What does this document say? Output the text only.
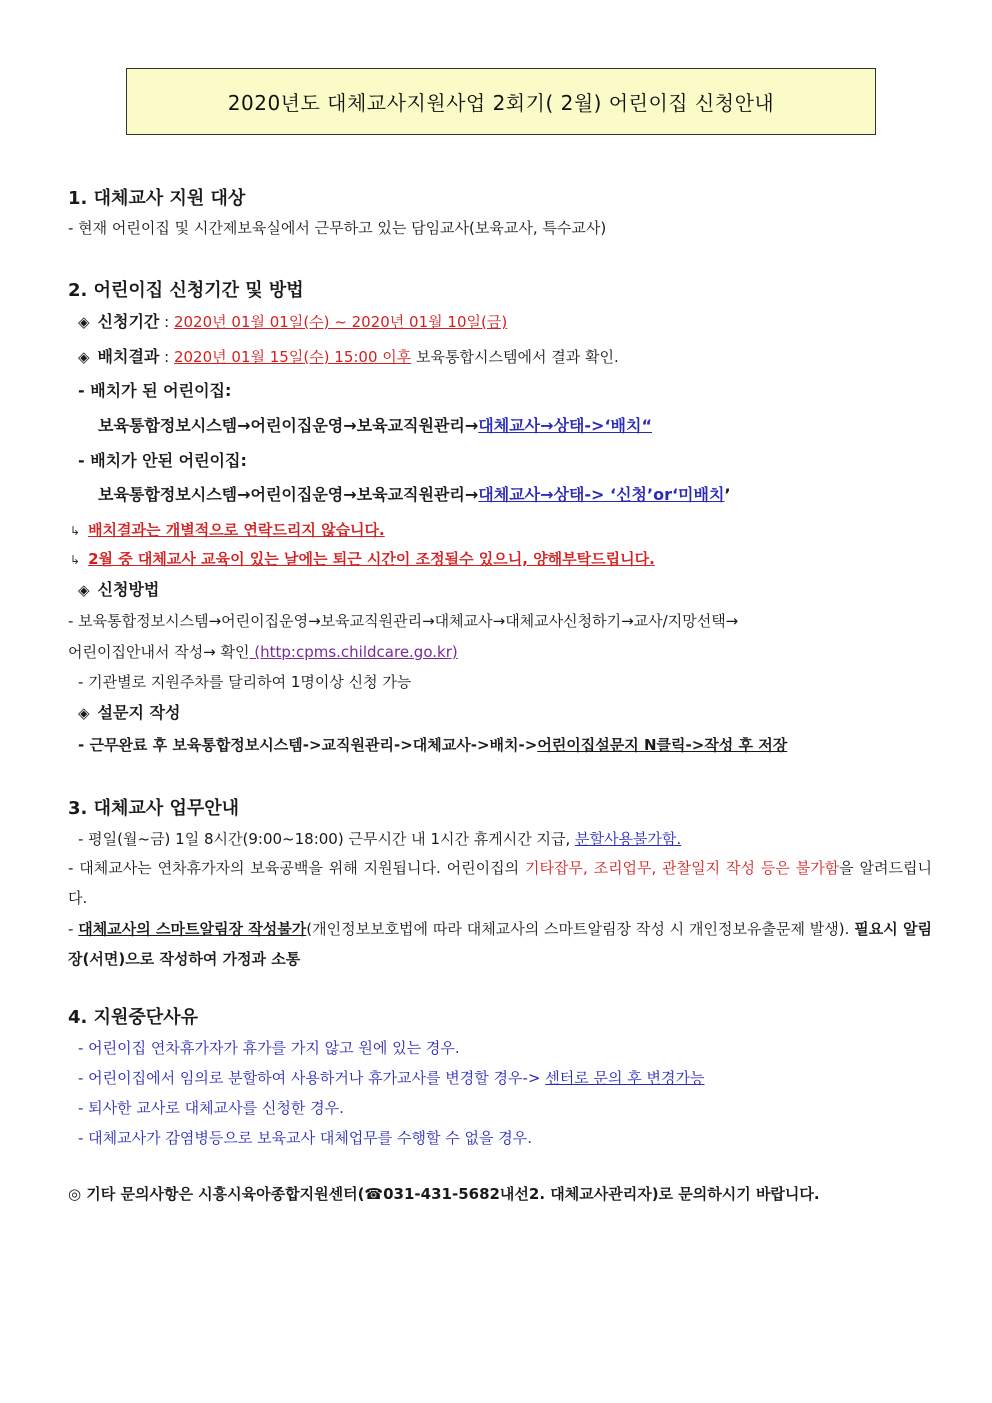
2020년도 대체교사지원사업 2회기( 2월) 어린이집 신청안내
1. 대체교사 지원 대상
- 현재 어린이집 및 시간제보육실에서 근무하고 있는 담임교사(보육교사, 특수교사)
2. 어린이집 신청기간 및 방법
◈ 신청기간 : 2020년 01월 01일(수) ~ 2020년 01월 10일(금)
◈ 배치결과 : 2020년 01월 15일(수) 15:00 이후 보육통합시스템에서 결과 확인.
- 배치가 된 어린이집:
보육통합정보시스템→어린이집운영→보육교직원관리→대체교사→상태->‘배치“
- 배치가 안된 어린이집:
보육통합정보시스템→어린이집운영→보육교직원관리→대체교사→상태-> ‘신청’or‘미배치’
↳ 배치결과는 개별적으로 연락드리지 않습니다.
↳ 2월 중 대체교사 교육이 있는 날에는 퇴근 시간이 조정될수 있으니, 양해부탁드립니다.
◈ 신청방법
- 보육통합정보시스템→어린이집운영→보육교직원관리→대체교사→대체교사신청하기→교사/지망선택→
어린이집안내서 작성→ 확인 (http:cpms.childcare.go.kr)
- 기관별로 지원주차를 달리하여 1명이상 신청 가능
◈ 설문지 작성
- 근무완료 후 보육통합정보시스템->교직원관리->대체교사->배치->어린이집설문지 N클릭->작성 후 저장
3. 대체교사 업무안내
- 평일(월~금) 1일 8시간(9:00~18:00) 근무시간 내 1시간 휴게시간 지급, 분할사용불가함.
- 대체교사는 연차휴가자의 보육공백을 위해 지원됩니다. 어린이집의 기타잡무, 조리업무, 관찰일지 작성 등은 불가함을 알려드립니다.
- 대체교사의 스마트알림장 작성불가(개인정보보호법에 따라 대체교사의 스마트알림장 작성 시 개인정보유출문제 발생). 필요시 알림장(서면)으로 작성하여 가정과 소통
4. 지원중단사유
- 어린이집 연차휴가자가 휴가를 가지 않고 원에 있는 경우.
- 어린이집에서 임의로 분할하여 사용하거나 휴가교사를 변경할 경우-> 센터로 문의 후 변경가능
- 퇴사한 교사로 대체교사를 신청한 경우.
- 대체교사가 감염병등으로 보육교사 대체업무를 수행할 수 없을 경우.
◎ 기타 문의사항은 시흥시육아종합지원센터(☎031-431-5682내선2. 대체교사관리자)로 문의하시기 바랍니다.
